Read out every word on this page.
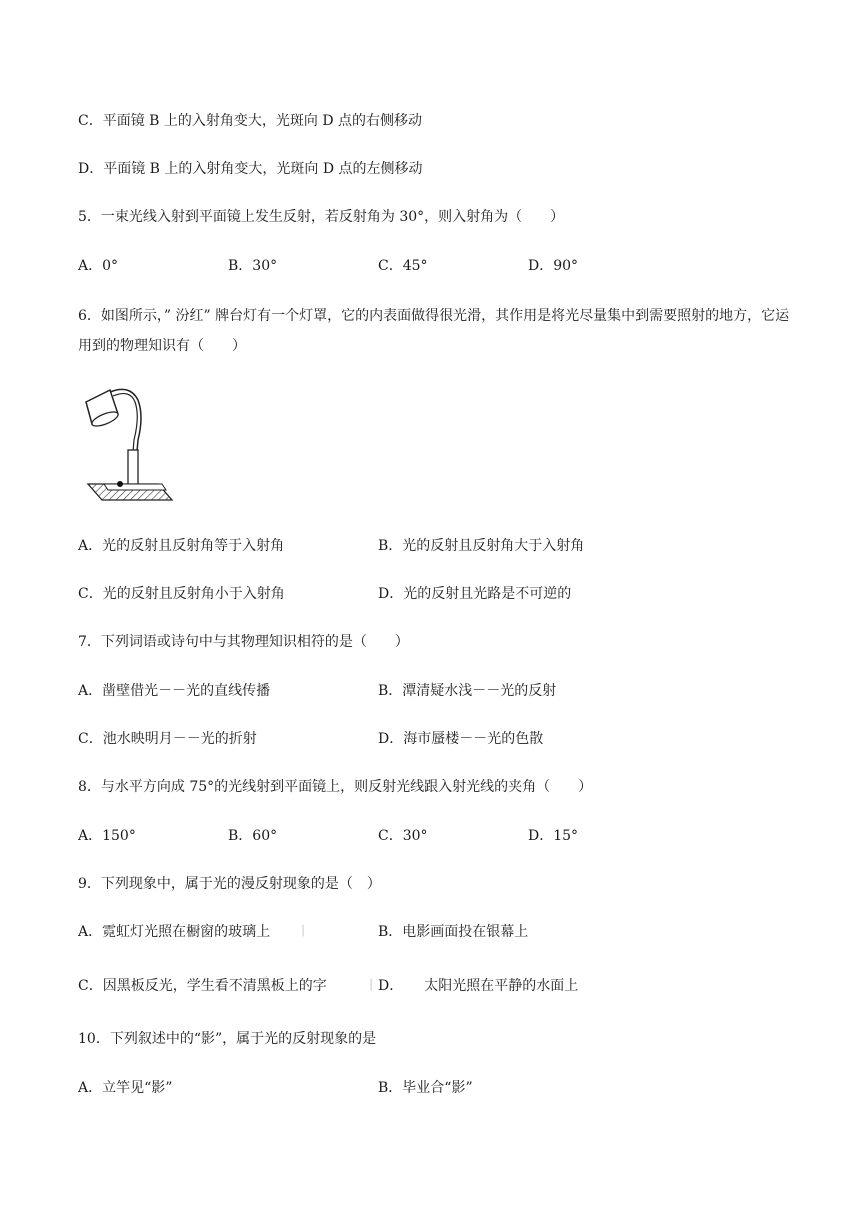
C．平面镜 B 上的入射角变大，光斑向 D 点的右侧移动
D．平面镜 B 上的入射角变大，光斑向 D 点的左侧移动
5．一束光线入射到平面镜上发生反射，若反射角为 30°，则入射角为（　　）
A．0°	B．30°	C．45°	D．90°
6．如图所示，” 汾红” 牌台灯有一个灯罩，它的内表面做得很光滑，其作用是将光尽量集中到需要照射的地方，它运用到的物理知识有（　　）
A．光的反射且反射角等于入射角	B．光的反射且反射角大于入射角
C．光的反射且反射角小于入射角	D．光的反射且光路是不可逆的
7．下列词语或诗句中与其物理知识相符的是（　　）
A．凿壁借光－－光的直线传播	B．潭清疑水浅－－光的反射
C．池水映明月－－光的折射	D．海市蜃楼－－光的色散
8．与水平方向成 75°的光线射到平面镜上，则反射光线跟入射光线的夹角（　　）
A．150°	B．60°	C．30°	D．15°
9．下列现象中，属于光的漫反射现象的是（　）
A．霓虹灯光照在橱窗的玻璃上	│	B．电影画面投在银幕上
C．因黑板反光，学生看不清黑板上的字	│ D．　　太阳光照在平静的水面上
10．下列叙述中的“影”，属于光的反射现象的是
A．立竿见“影”	B．毕业合“影”
